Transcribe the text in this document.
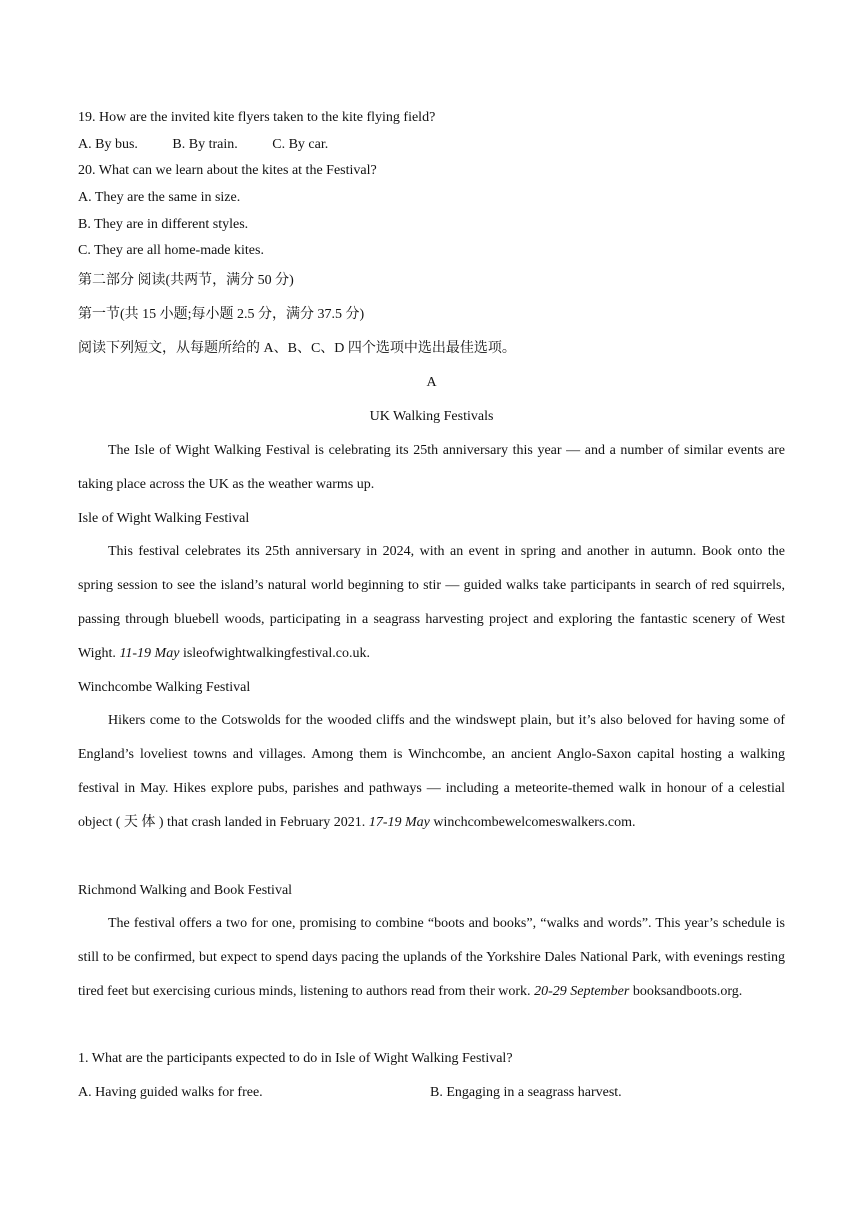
19. How are the invited kite flyers taken to the kite flying field?
A. By bus. B. By train. C. By car.
20. What can we learn about the kites at the Festival?
A. They are the same in size.
B. They are in different styles.
C. They are all home-made kites.
第二部分 阅读(共两节，满分 50 分)
第一节(共 15 小题;每小题 2.5 分，满分 37.5 分)
阅读下列短文，从每题所给的 A、B、C、D 四个选项中选出最佳选项。
A
UK Walking Festivals
The Isle of Wight Walking Festival is celebrating its 25th anniversary this year — and a number of similar events are taking place across the UK as the weather warms up.
Isle of Wight Walking Festival
This festival celebrates its 25th anniversary in 2024, with an event in spring and another in autumn. Book onto the spring session to see the island’s natural world beginning to stir — guided walks take participants in search of red squirrels, passing through bluebell woods, participating in a seagrass harvesting project and exploring the fantastic scenery of West Wight. 11-19 May isleofwightwalkingfestival.co.uk.
Winchcombe Walking Festival
Hikers come to the Cotswolds for the wooded cliffs and the windswept plain, but it’s also beloved for having some of England’s loveliest towns and villages. Among them is Winchcombe, an ancient Anglo-Saxon capital hosting a walking festival in May. Hikes explore pubs, parishes and pathways — including a meteorite-themed walk in honour of a celestial object ( 天 体 ) that crash landed in February 2021. 17-19 May winchcombewelcomeswalkers.com.
Richmond Walking and Book Festival
The festival offers a two for one, promising to combine “boots and books”, “walks and words”. This year’s schedule is still to be confirmed, but expect to spend days pacing the uplands of the Yorkshire Dales National Park, with evenings resting tired feet but exercising curious minds, listening to authors read from their work. 20-29 September booksandboots.org.
1. What are the participants expected to do in Isle of Wight Walking Festival?
A. Having guided walks for free.	B. Engaging in a seagrass harvest.
